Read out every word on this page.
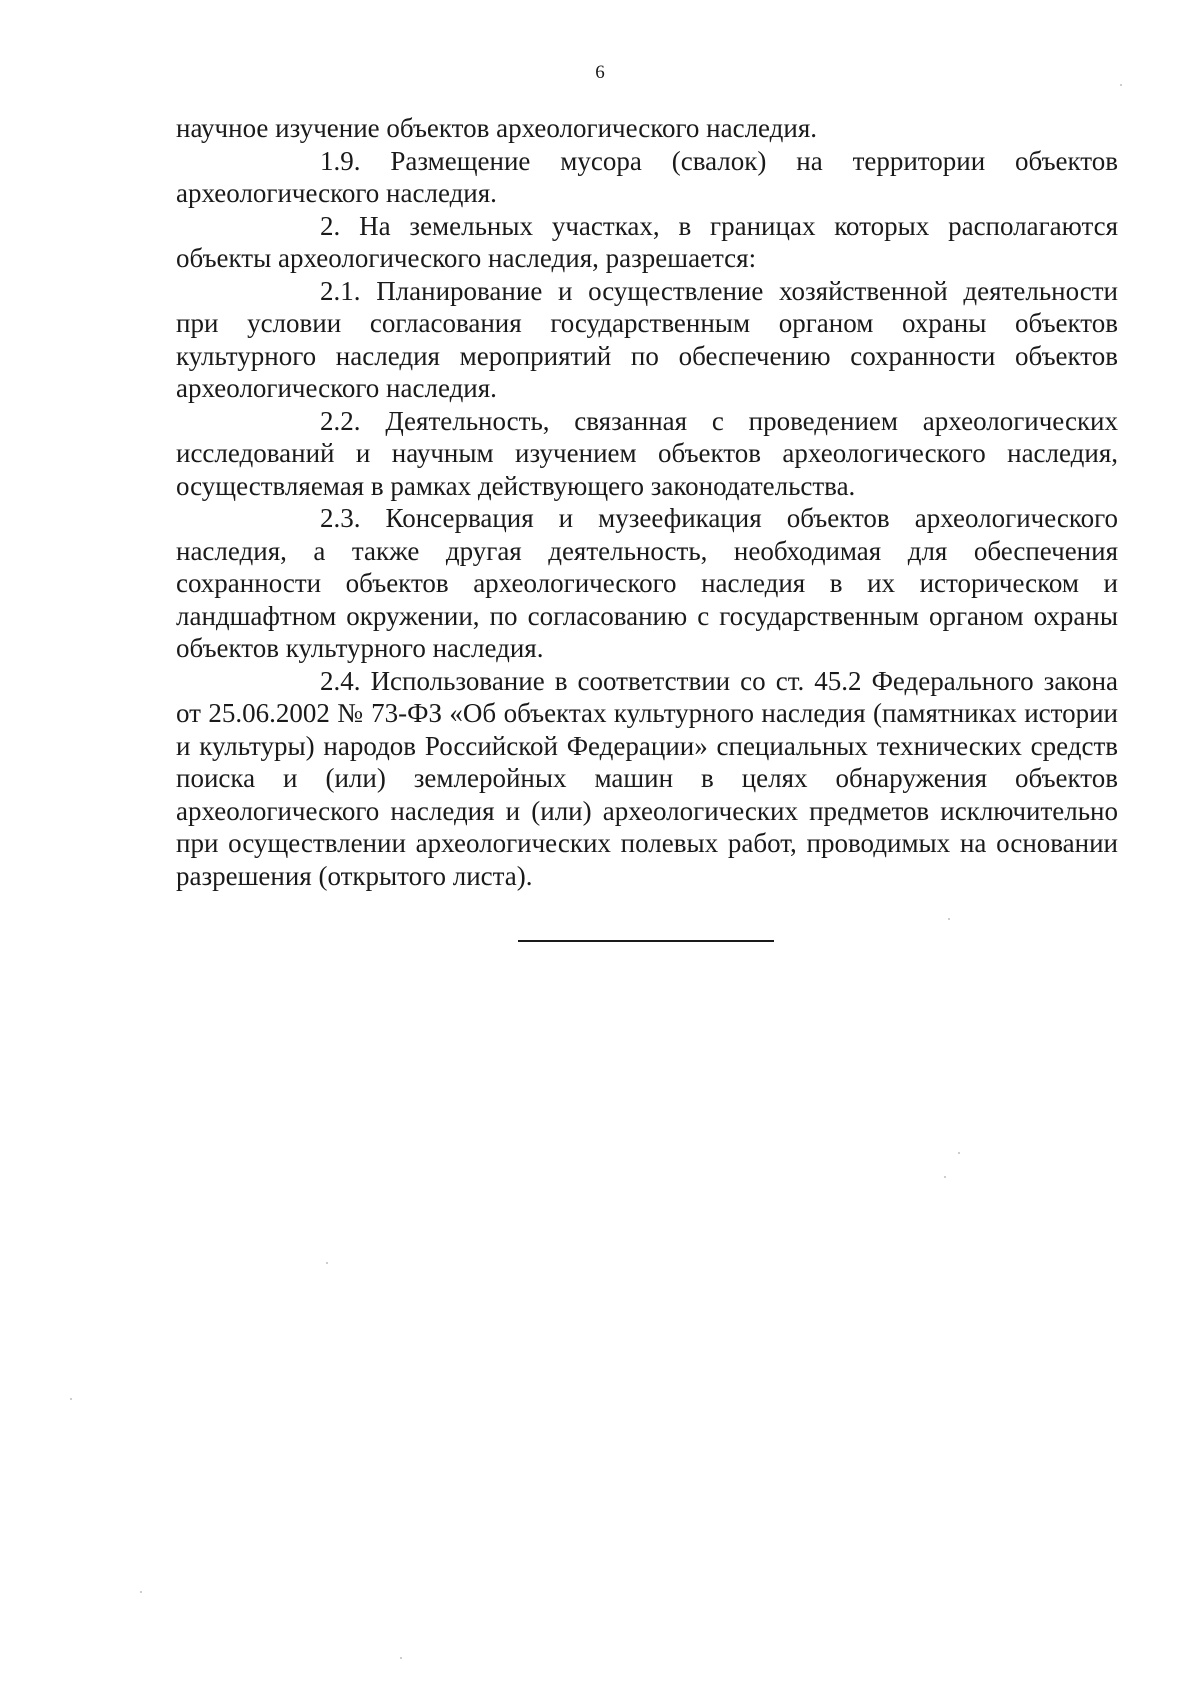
6

научное изучение объектов археологического наследия.

1.9. Размещение мусора (свалок) на территории объектов археологического наследия.

2. На земельных участках, в границах которых располагаются объекты археологического наследия, разрешается:

2.1. Планирование и осуществление хозяйственной деятельности при условии согласования государственным органом охраны объектов культурного наследия мероприятий по обеспечению сохранности объектов археологического наследия.

2.2. Деятельность, связанная с проведением археологических исследований и научным изучением объектов археологического наследия, осуществляемая в рамках действующего законодательства.

2.3. Консервация и музеефикация объектов археологического наследия, а также другая деятельность, необходимая для обеспечения сохранности объектов археологического наследия в их историческом и ландшафтном окружении, по согласованию с государственным органом охраны объектов культурного наследия.

2.4. Использование в соответствии со ст. 45.2 Федерального закона от 25.06.2002 № 73-ФЗ «Об объектах культурного наследия (памятниках истории и культуры) народов Российской Федерации» специальных технических средств поиска и (или) землеройных машин в целях обнаружения объектов археологического наследия и (или) археологических предметов исключительно при осуществлении археологических полевых работ, проводимых на основании разрешения (открытого листа).
